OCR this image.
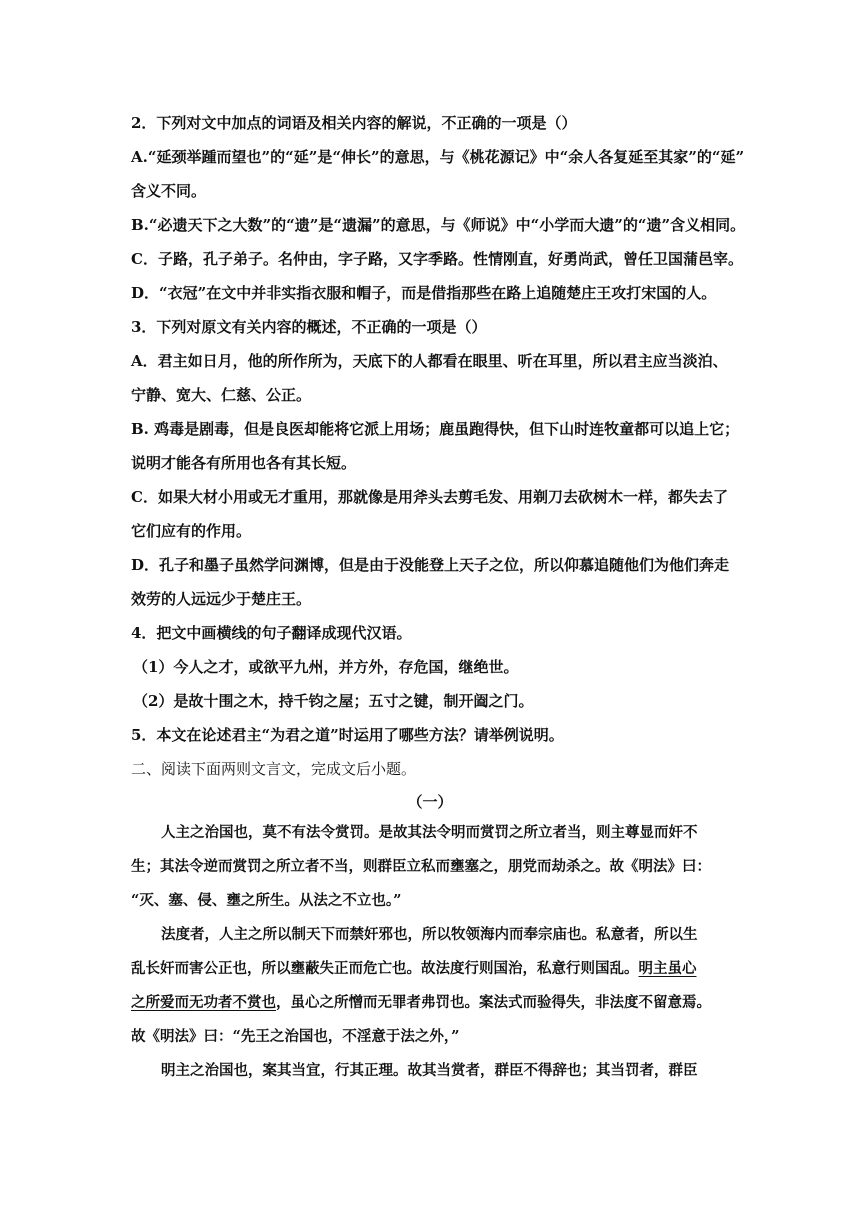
2．下列对文中加点的词语及相关内容的解说，不正确的一项是（）
A.“延颈举踵而望也”的“延”是“伸长”的意思，与《桃花源记》中“余人各复延至其家”的“延”
含义不同。
B.“必遗天下之大数”的“遗”是“遗漏”的意思，与《师说》中“小学而大遗”的“遗”含义相同。
C．子路，孔子弟子。名仲由，字子路，又字季路。性情刚直，好勇尚武，曾任卫国蒲邑宰。
D．“衣冠”在文中并非实指衣服和帽子，而是借指那些在路上追随楚庄王攻打宋国的人。
3．下列对原文有关内容的概述，不正确的一项是（）
A．君主如日月，他的所作所为，天底下的人都看在眼里、听在耳里，所以君主应当淡泊、
宁静、宽大、仁慈、公正。
B. 鸡毒是剧毒，但是良医却能将它派上用场；鹿虽跑得快，但下山时连牧童都可以追上它；
说明才能各有所用也各有其长短。
C．如果大材小用或无才重用，那就像是用斧头去剪毛发、用剃刀去砍树木一样，都失去了
它们应有的作用。
D．孔子和墨子虽然学问渊博，但是由于没能登上天子之位，所以仰慕追随他们为他们奔走
效劳的人远远少于楚庄王。
4．把文中画横线的句子翻译成现代汉语。
（1）今人之才，或欲平九州，并方外，存危国，继绝世。
（2）是故十围之木，持千钧之屋；五寸之键，制开阖之门。
5．本文在论述君主“为君之道”时运用了哪些方法？请举例说明。
二、阅读下面两则文言文，完成文后小题。
（一）
人主之治国也，莫不有法令赏罚。是故其法令明而赏罚之所立者当，则主尊显而奸不
生；其法令逆而赏罚之所立者不当，则群臣立私而壅塞之，朋党而劫杀之。故《明法》曰：
“灭、塞、侵、壅之所生。从法之不立也。”
法度者，人主之所以制天下而禁奸邪也，所以牧领海内而奉宗庙也。私意者，所以生
乱长奸而害公正也，所以壅蔽失正而危亡也。故法度行则国治，私意行则国乱。明主虽心
之所爱而无功者不赏也，虽心之所憎而无罪者弗罚也。案法式而验得失，非法度不留意焉。
故《明法》曰：“先王之治国也，不淫意于法之外，”
明主之治国也，案其当宜，行其正理。故其当赏者，群臣不得辞也；其当罚者，群臣
